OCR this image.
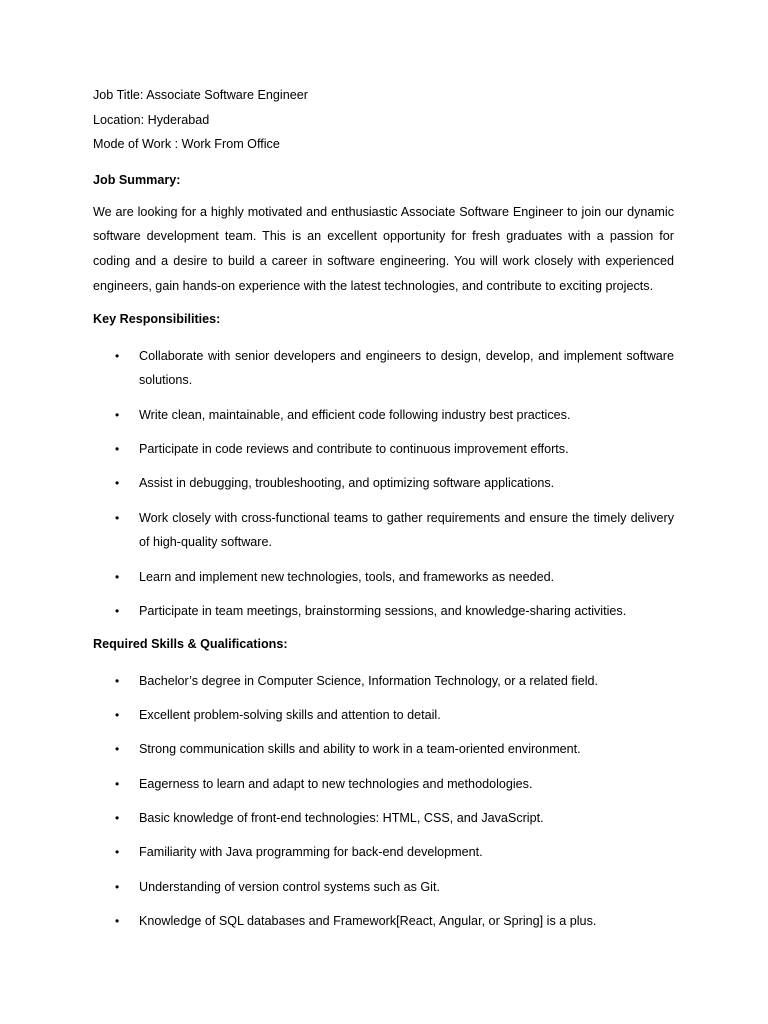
Job Title: Associate Software Engineer
Location: Hyderabad
Mode of Work : Work From Office
Job Summary:
We are looking for a highly motivated and enthusiastic Associate Software Engineer to join our dynamic software development team. This is an excellent opportunity for fresh graduates with a passion for coding and a desire to build a career in software engineering. You will work closely with experienced engineers, gain hands-on experience with the latest technologies, and contribute to exciting projects.
Key Responsibilities:
• Collaborate with senior developers and engineers to design, develop, and implement software solutions.
• Write clean, maintainable, and efficient code following industry best practices.
• Participate in code reviews and contribute to continuous improvement efforts.
• Assist in debugging, troubleshooting, and optimizing software applications.
• Work closely with cross-functional teams to gather requirements and ensure the timely delivery of high-quality software.
• Learn and implement new technologies, tools, and frameworks as needed.
• Participate in team meetings, brainstorming sessions, and knowledge-sharing activities.
Required Skills & Qualifications:
• Bachelor’s degree in Computer Science, Information Technology, or a related field.
• Excellent problem-solving skills and attention to detail.
• Strong communication skills and ability to work in a team-oriented environment.
• Eagerness to learn and adapt to new technologies and methodologies.
• Basic knowledge of front-end technologies: HTML, CSS, and JavaScript.
• Familiarity with Java programming for back-end development.
• Understanding of version control systems such as Git.
• Knowledge of SQL databases and Framework[React, Angular, or Spring] is a plus.
